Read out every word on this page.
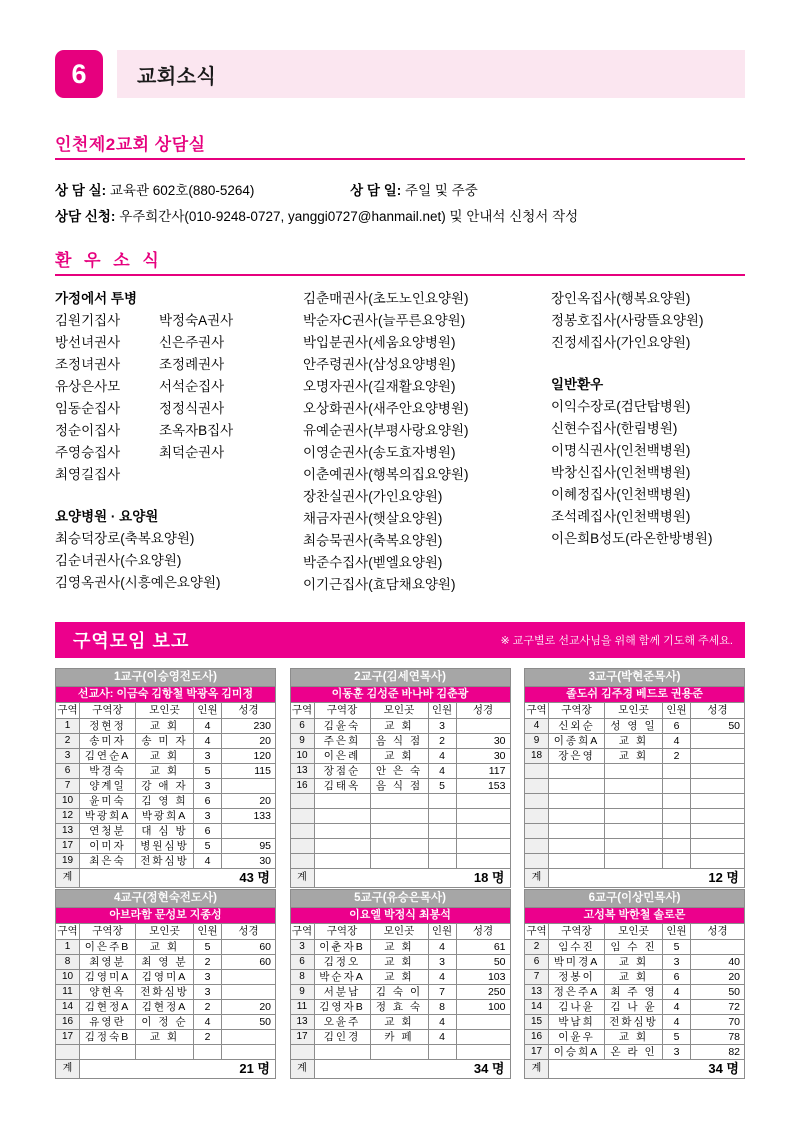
6	교회소식
인천제2교회 상담실
상 담 실: 교육관 602호(880-5264)	상 담 일: 주일 및 주중
상담 신청: 우주희간사(010-9248-0727, yanggi0727@hanmail.net) 및 안내석 신청서 작성
환 우 소 식
가정에서 투병
김원기집사	박정숙A권사
방선녀권사	신은주권사
조정녀권사	조정례권사
유상은사모	서석순집사
임동순집사	정정식권사
정순이집사	조옥자B집사
주영승집사	최덕순권사
최영길집사
요양병원 · 요양원
최승덕장로(축복요양원)
김순녀권사(수요양원)
김영옥권사(시흥예은요양원)
김춘매권사(초도노인요양원)
박순자C권사(늘푸른요양원)
박입분권사(세움요양병원)
안주령권사(삼성요양병원)
오명자권사(길재활요양원)
오상화권사(새주안요양병원)
유예순권사(부평사랑요양원)
이영순권사(송도효자병원)
이춘예권사(행복의집요양원)
장찬실권사(가인요양원)
채금자권사(햇살요양원)
최승묵권사(축복요양원)
박준수집사(벧엘요양원)
이기근집사(효담채요양원)
장인옥집사(행복요양원)
정봉호집사(사랑뜰요양원)
진정세집사(가인요양원)
일반환우
이익수장로(검단탑병원)
신현수집사(한림병원)
이명식권사(인천백병원)
박창신집사(인천백병원)
이혜정집사(인천백병원)
조석례집사(인천백병원)
이은희B성도(라온한방병원)
구역모임 보고	※ 교구별로 선교사님을 위해 함께 기도해 주세요.
1교구(이승영전도사)				
선교사: 이금숙 김항철 박광옥 김미정				
구역	구역장	모인곳	인원	성경
1	정현정	교 회	4	230
2	송미자	송 미 자	4	20
3	김연순A	교 회	3	120
6	박경숙	교 회	5	115
7	양계일	강 애 자	3	
10	윤미숙	김 영 희	6	20
12	박광희A	박광희A	3	133
13	연청분	대 심 방	6	
17	이미자	병원심방	5	95
19	최은숙	전화심방	4	30
계	43 명			
2교구(김세연목사)				
이동훈 김성준 바나바 김춘광				
구역	구역장	모인곳	인원	성경
6	김윤숙	교 회	3	
9	주은희	음 식 점	2	30
10	이은례	교 회	4	30
13	장점순	안 은 숙	4	117
16	김태옥	음 식 점	5	153

계	18 명			
3교구(박현준목사)				
졸도쉬 김주경 베드로 권용준				
구역	구역장	모인곳	인원	성경
4	신외순	성 영 일	6	50
9	이종희A	교 회	4	
18	장은영	교 회	2	

계	12 명			
4교구(정현숙전도사)				
아브라함 문성보 지종성				
구역	구역장	모인곳	인원	성경
1	이은주B	교 회	5	60
8	최영분	최 영 분	2	60
10	김영미A	김영미A	3	
11	양현옥	전화심방	3	
14	김현정A	김현정A	2	20
16	유영란	이 정 순	4	50
17	김정숙B	교 회	2	

계	21 명			
5교구(유승은목사)				
이요엘 박정식 최봉석				
구역	구역장	모인곳	인원	성경
3	이춘자B	교 회	4	61
6	김정오	교 회	3	50
8	박순자A	교 회	4	103
9	서분남	김 숙 이	7	250
11	김영자B	정 효 숙	8	100
13	오윤주	교 회	4	
17	김인경	카 페	4	

계	34 명			
6교구(이상민목사)				
고성복 박한철 솔로몬				
구역	구역장	모인곳	인원	성경
2	임수진	임 수 진	5	
6	박미경A	교 회	3	40
7	정봉이	교 회	6	20
13	정은주A	최 주 영	4	50
14	김나윤	김 나 윤	4	72
15	박남희	전화심방	4	70
16	이윤우	교 회	5	78
17	이승희A	온 라 인	3	82
계	34 명			
